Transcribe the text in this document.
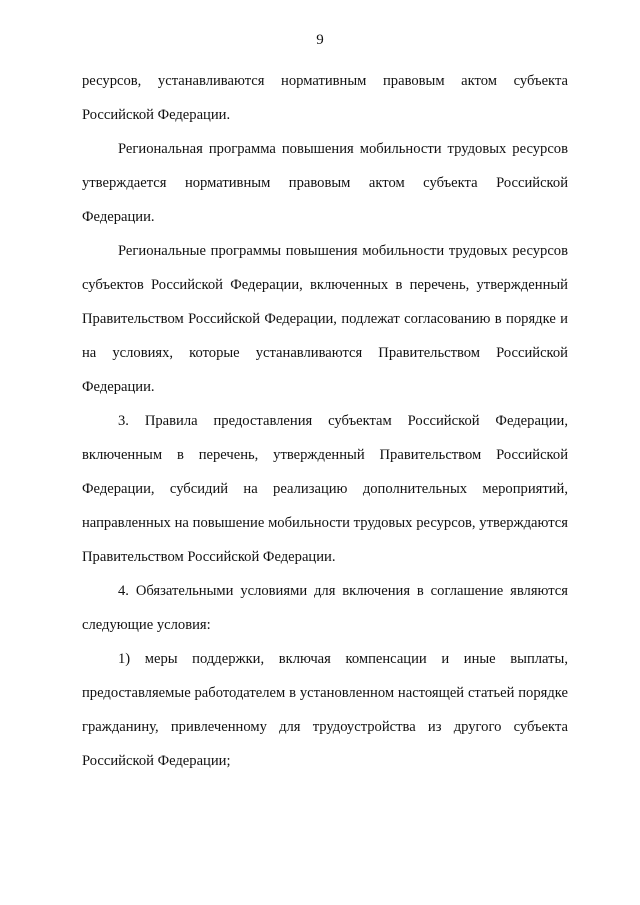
9

ресурсов, устанавливаются нормативным правовым актом субъекта Российской Федерации.

Региональная программа повышения мобильности трудовых ресурсов утверждается нормативным правовым актом субъекта Российской Федерации.

Региональные программы повышения мобильности трудовых ресурсов субъектов Российской Федерации, включенных в перечень, утвержденный Правительством Российской Федерации, подлежат согласованию в порядке и на условиях, которые устанавливаются Правительством Российской Федерации.

3. Правила предоставления субъектам Российской Федерации, включенным в перечень, утвержденный Правительством Российской Федерации, субсидий на реализацию дополнительных мероприятий, направленных на повышение мобильности трудовых ресурсов, утверждаются Правительством Российской Федерации.

4. Обязательными условиями для включения в соглашение являются следующие условия:

1) меры поддержки, включая компенсации и иные выплаты, предоставляемые работодателем в установленном настоящей статьей порядке гражданину, привлеченному для трудоустройства из другого субъекта Российской Федерации;
